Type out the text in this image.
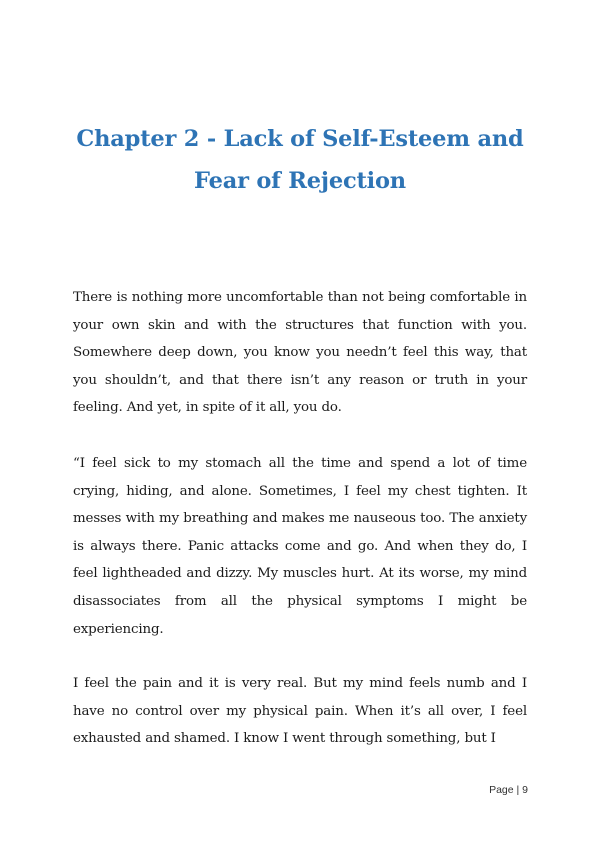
Chapter 2 - Lack of Self-Esteem and
Fear of Rejection

There is nothing more uncomfortable than not being comfortable in your own skin and with the structures that function with you. Somewhere deep down, you know you needn’t feel this way, that you shouldn’t, and that there isn’t any reason or truth in your feeling. And yet, in spite of it all, you do.

“I feel sick to my stomach all the time and spend a lot of time crying, hiding, and alone. Sometimes, I feel my chest tighten. It messes with my breathing and makes me nauseous too. The anxiety is always there. Panic attacks come and go. And when they do, I feel lightheaded and dizzy. My muscles hurt. At its worse, my mind disassociates from all the physical symptoms I might be experiencing.

I feel the pain and it is very real. But my mind feels numb and I have no control over my physical pain. When it’s all over, I feel exhausted and shamed. I know I went through something, but I

Page | 9
